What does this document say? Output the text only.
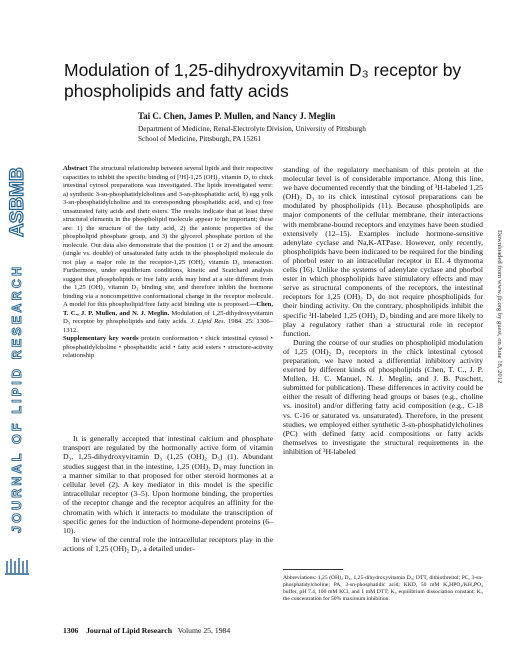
ASBMB
JOURNAL OF LIPID RESEARCH	Downloaded from www.jlr.org by guest, on June 18, 2012
Modulation of 1,25-dihydroxyvitamin D₃ receptor by
phospholipids and fatty acids

Tai C. Chen, James P. Mullen, and Nancy J. Meglin

Department of Medicine, Renal-Electrolyte Division, University of Pittsburgh
School of Medicine, Pittsburgh, PA 15261

Abstract The structural relationship between several lipids and their respective capacities to inhibit the specific binding of [³H]-1,25 (OH)₂ vitamin D₃ to chick intestinal cytosol preparations was investigated. The lipids investigated were: a) synthetic 3-sn-phosphatidylcholines and 3-sn-phosphatidic acid, b) egg yolk 3-sn-phosphatidylcholine and its corresponding phosphatidic acid, and c) free unsaturated fatty acids and their esters. The results indicate that at least three structural elements in the phospholipid molecule appear to be important; these are: 1) the structure of the fatty acid, 2) the anionic properties of the phospholipid phosphate group, and 3) the glycerol phosphate portion of the molecule. Our data also demonstrate that the position (1 or 2) and the amount (single vs. double) of unsaturated fatty acids in the phospholipid molecule do not play a major role in the receptor-1,25 (OH)₂ vitamin D₃ interaction. Furthermore, under equilibrium conditions, kinetic and Scatchard analysis suggest that phospholipids or free fatty acids may bind at a site different from the 1,25 (OH)₂ vitamin D₃ binding site, and therefore inhibit the hormone binding via a noncompetitive conformational change in the receptor molecule. A model for this phospholipid/free fatty acid binding site is proposed.—Chen, T. C., J. P. Mullen, and N. J. Meglin. Modulation of 1,25-dihydroxyvitamin D₃ receptor by phospholipids and fatty acids. J. Lipid Res. 1984. 25: 1306–1312.

Supplementary key words protein conformation • chick intestinal cytosol • phosphatidylcholine • phosphatidic acid • fatty acid esters • structure-activity relationship

It is generally accepted that intestinal calcium and phosphate transport are regulated by the hormonally active form of vitamin D₃, 1,25-dihydroxyvitamin D₃ (1,25 (OH)₂ D₃) (1). Abundant studies suggest that in the intestine, 1,25 (OH)₂ D₃ may function in a manner similar to that proposed for other steroid hormones at a cellular level (2). A key mediator in this model is the specific intracellular receptor (3–5). Upon hormone binding, the properties of the receptor change and the receptor acquires an affinity for the chromatin with which it interacts to modulate the transcription of specific genes for the induction of hormone-dependent proteins (6–10).

In view of the central role the intracellular receptors play in the actions of 1,25 (OH)₂ D₃, a detailed under-

standing of the regulatory mechanism of this protein at the molecular level is of considerable importance. Along this line, we have documented recently that the binding of ³H-labeled 1,25 (OH)₂ D₃ to its chick intestinal cytosol preparations can be modulated by phospholipids (11). Because phospholipids are major components of the cellular membrane, their interactions with membrane-bound receptors and enzymes have been studied extensively (12–15). Examples include hormone-sensitive adenylate cyclase and Na,K-ATPase. However, only recently, phospholipids have been indicated to be required for the binding of phorbol ester to an intracellular receptor in EL 4 thymoma cells (16). Unlike the systems of adenylate cyclase and phorbol ester in which phospholipids have stimulatory effects and may serve as structural components of the receptors, the intestinal receptors for 1,25 (OH)₂ D₃ do not require phospholipids for their binding activity. On the contrary, phospholipids inhibit the specific ³H-labeled 1,25 (OH)₂ D₃ binding and are more likely to play a regulatory rather than a structural role in receptor function.

During the course of our studies on phospholipid modulation of 1,25 (OH)₂ D₃ receptors in the chick intestinal cytosol preparation, we have noted a differential inhibitory activity exerted by different kinds of phospholipids (Chen, T. C., J. P. Mullen, H. C. Manuel, N. J. Meglin, and J. B. Puschett, submitted for publication). These differences in activity could be either the result of differing head groups or bases (e.g., choline vs. inositol) and/or differing fatty acid composition (e.g., C-18 vs. C-16 or saturated vs. unsaturated). Therefore, in the present studies, we employed either synthetic 3-sn-phosphatidylcholines (PC) with defined fatty acid compositions or fatty acids themselves to investigate the structural requirements in the inhibition of ³H-labeled

Abbreviations: 1,25 (OH)₂ D₃, 1,25-dihydroxyvitamin D₃; DTT, dithiothreitol; PC, 3-sn-phosphatidylcholine; PA, 3-sn-phosphatidic acid; KKD, 50 mM K₂HPO₄/KH₂PO₄ buffer, pH 7.4, 100 mM KCl, and 1 mM DTT; Kᵢ, equilibrium dissociation constant; Kᵢ, the concentration for 50% maximum inhibition.

1306 Journal of Lipid Research Volume 25, 1984
